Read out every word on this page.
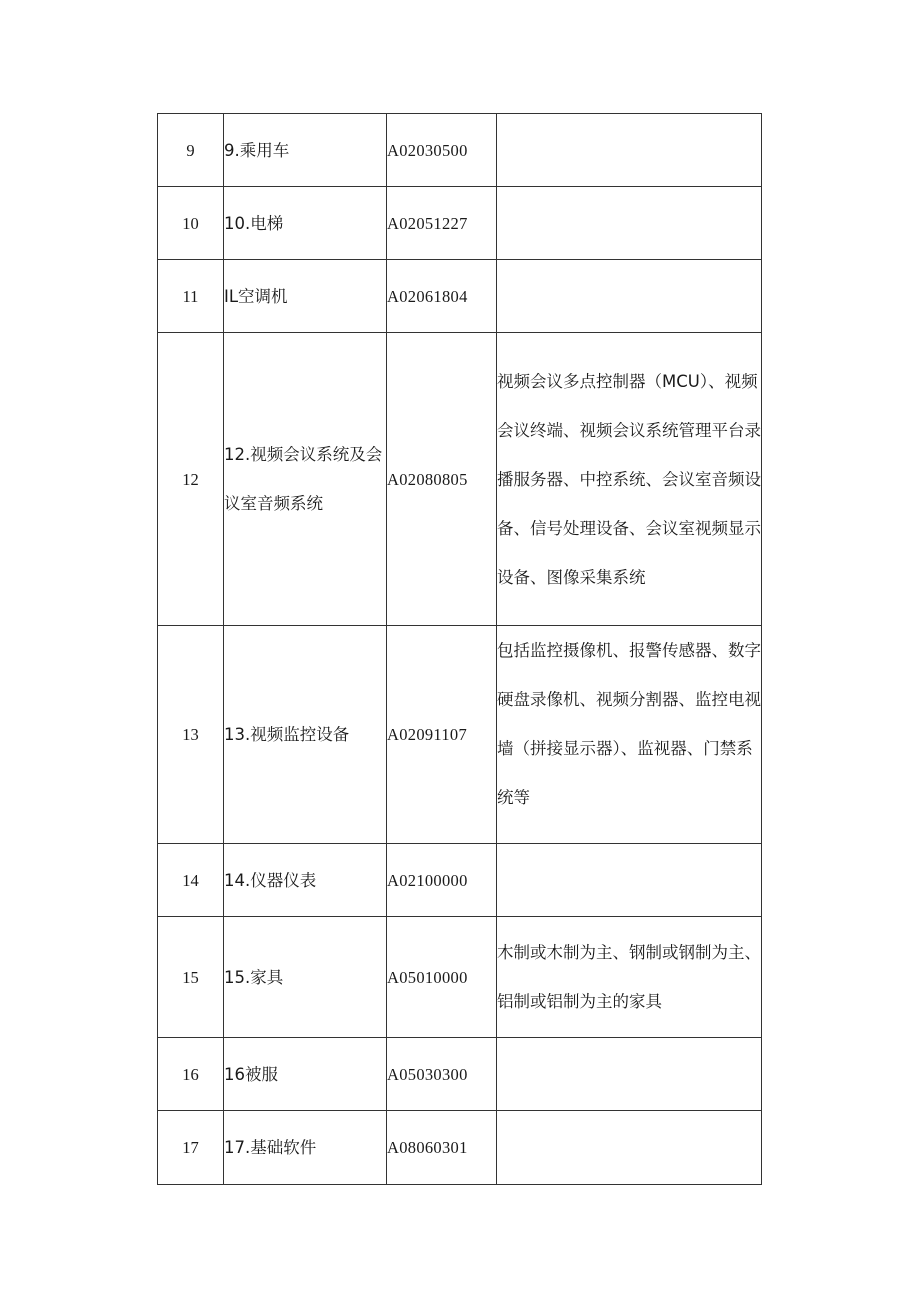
9	9.乘用车	A02030500	
10	10.电梯	A02051227	
11	IL空调机	A02061804	
12	12.视频会议系统及会议室音频系统	A02080805	视频会议多点控制器（MCU）、视频会议终端、视频会议系统管理平台录播服务器、中控系统、会议室音频设备、信号处理设备、会议室视频显示设备、图像采集系统
13	13.视频监控设备	A02091107	包括监控摄像机、报警传感器、数字硬盘录像机、视频分割器、监控电视墙（拼接显示器）、监视器、门禁系统等
14	14.仪器仪表	A02100000	
15	15.家具	A05010000	木制或木制为主、钢制或钢制为主、铝制或铝制为主的家具
16	16被服	A05030300	
17	17.基础软件	A08060301	
